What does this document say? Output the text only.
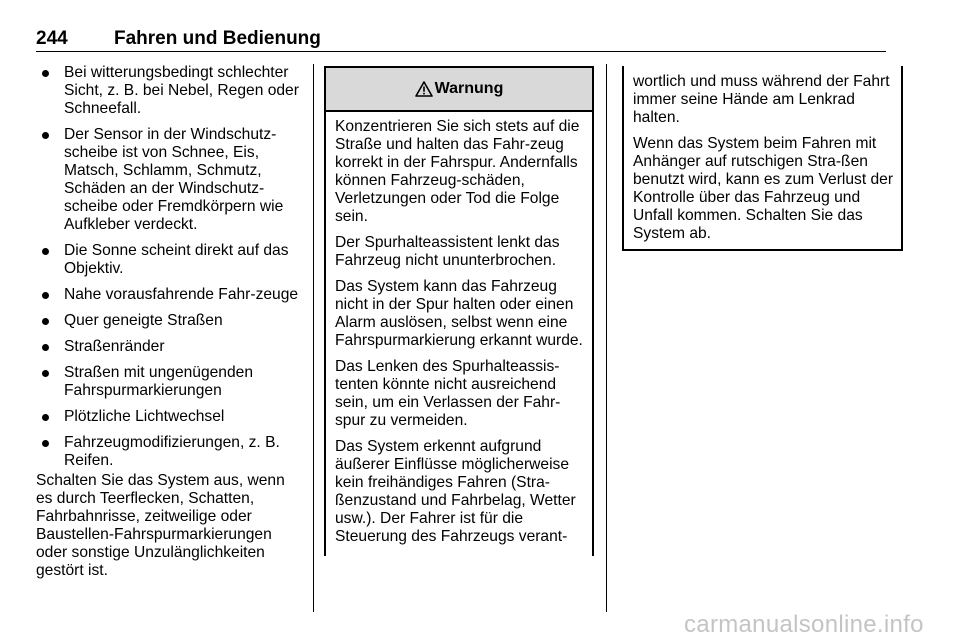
244 Fahren und Bedienung
Bei witterungsbedingt schlechter Sicht, z. B. bei Nebel, Regen oder Schneefall.
Der Sensor in der Windschutz-scheibe ist von Schnee, Eis, Matsch, Schlamm, Schmutz, Schäden an der Windschutz-scheibe oder Fremdkörpern wie Aufkleber verdeckt.
Die Sonne scheint direkt auf das Objektiv.
Nahe vorausfahrende Fahr-zeuge
Quer geneigte Straßen
Straßenränder
Straßen mit ungenügenden Fahrspurmarkierungen
Plötzliche Lichtwechsel
Fahrzeugmodifizierungen, z. B. Reifen.

Schalten Sie das System aus, wenn es durch Teerflecken, Schatten, Fahrbahnrisse, zeitweilige oder Baustellen-Fahrspurmarkierungen oder sonstige Unzulänglichkeiten gestört ist.

Warnung

Konzentrieren Sie sich stets auf die Straße und halten das Fahr-zeug korrekt in der Fahrspur. Andernfalls können Fahrzeug-schäden, Verletzungen oder Tod die Folge sein.

Der Spurhalteassistent lenkt das Fahrzeug nicht ununterbrochen.

Das System kann das Fahrzeug nicht in der Spur halten oder einen Alarm auslösen, selbst wenn eine Fahrspurmarkierung erkannt wurde.

Das Lenken des Spurhalteassis-tenten könnte nicht ausreichend sein, um ein Verlassen der Fahr-spur zu vermeiden.

Das System erkennt aufgrund äußerer Einflüsse möglicherweise kein freihändiges Fahren (Stra-ßenzustand und Fahrbelag, Wetter usw.). Der Fahrer ist für die Steuerung des Fahrzeugs verant-

wortlich und muss während der Fahrt immer seine Hände am Lenkrad halten.

Wenn das System beim Fahren mit Anhänger auf rutschigen Stra-ßen benutzt wird, kann es zum Verlust der Kontrolle über das Fahrzeug und Unfall kommen. Schalten Sie das System ab.

carmanualsonline.info
